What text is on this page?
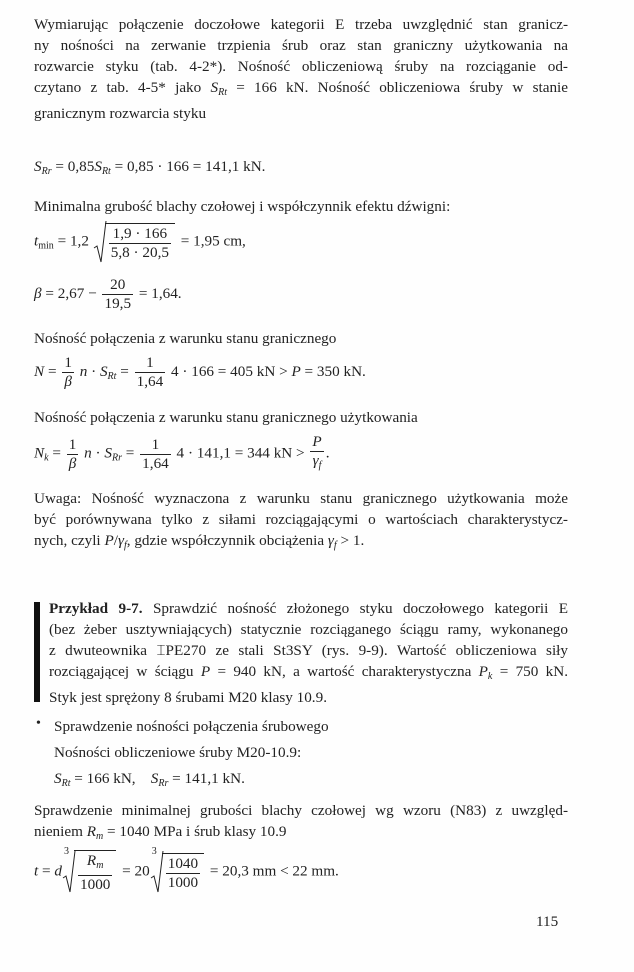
Wymiarując połączenie doczołowe kategorii E trzeba uwzględnić stan granicz-
ny nośności na zerwanie trzpienia śrub oraz stan graniczny użytkowania na
rozwarcie styku (tab. 4-2*). Nośność obliczeniową śruby na rozciąganie od-
czytano z tab. 4-5* jako $S_{Rt} = 166$ kN. Nośność obliczeniowa śruby w stanie
granicznym rozwarcia styku
$S_{Rr} = 0,85S_{Rt} = 0,85 \cdot 166 = 141,1$ kN.
Minimalna grubość blachy czołowej i współczynnik efektu dźwigni:
$t_{min} = 1,2 \frac{1,9 \cdot 166}{5,8 \cdot 20,5} = 1,95$ cm,
$\beta = 2,67 - \frac{20}{19,5} = 1,64$.
Nośność połączenia z warunku stanu granicznego
$N = \frac{1}{\beta}$ $n \cdot S_{Rt} = \frac{1}{1,64} 4 \cdot 166 = 405$ kN > P = 350 kN.
Nośność połączenia z warunku stanu granicznego użytkowania
$N_k = \frac{1}{\beta}$ $n \cdot S_{Rr} = \frac{1}{1,64} 4 \cdot 141,1 = 344$ kN > $\frac{P}{\gamma_f}$ .
Uwaga: Nośność wyznaczona z warunku stanu granicznego użytkowania może
być porównywana tylko z siłami rozciągającymi o wartościach charakterystycz-
nych, czyli $P/\gamma_f$, gdzie współczynnik obciążenia $\gamma_f > 1$.
Przykład 9-7. Sprawdzić nośność złożonego styku doczołowego kategorii E
(bez żeber usztywniających) statycznie rozciąganego ściągu ramy, wykonanego
z dwuteownika ⌶PE270 ze stali St3SY (rys. 9-9). Wartość obliczeniowa siły
rozciągającej w ściągu P = 940 kN, a wartość charakterystyczna $P_k = 750$ kN.
Styk jest sprężony 8 śrubami M20 klasy 10.9.
• Sprawdzenie nośności połączenia śrubowego
Nośności obliczeniowe śruby M20-10.9:
$S_{Rt} = 166$ kN, $S_{Rr} = 141,1$ kN.
Sprawdzenie minimalnej grubości blachy czołowej wg wzoru (N83) z uwzględ-
nieniem $R_m = 1040$ MPa i śrub klasy 10.9
t = d
3
$\frac{R_m}{1000} = 20$
3
$\frac{1040}{1000} = 20,3$ mm < 22 mm.
115
